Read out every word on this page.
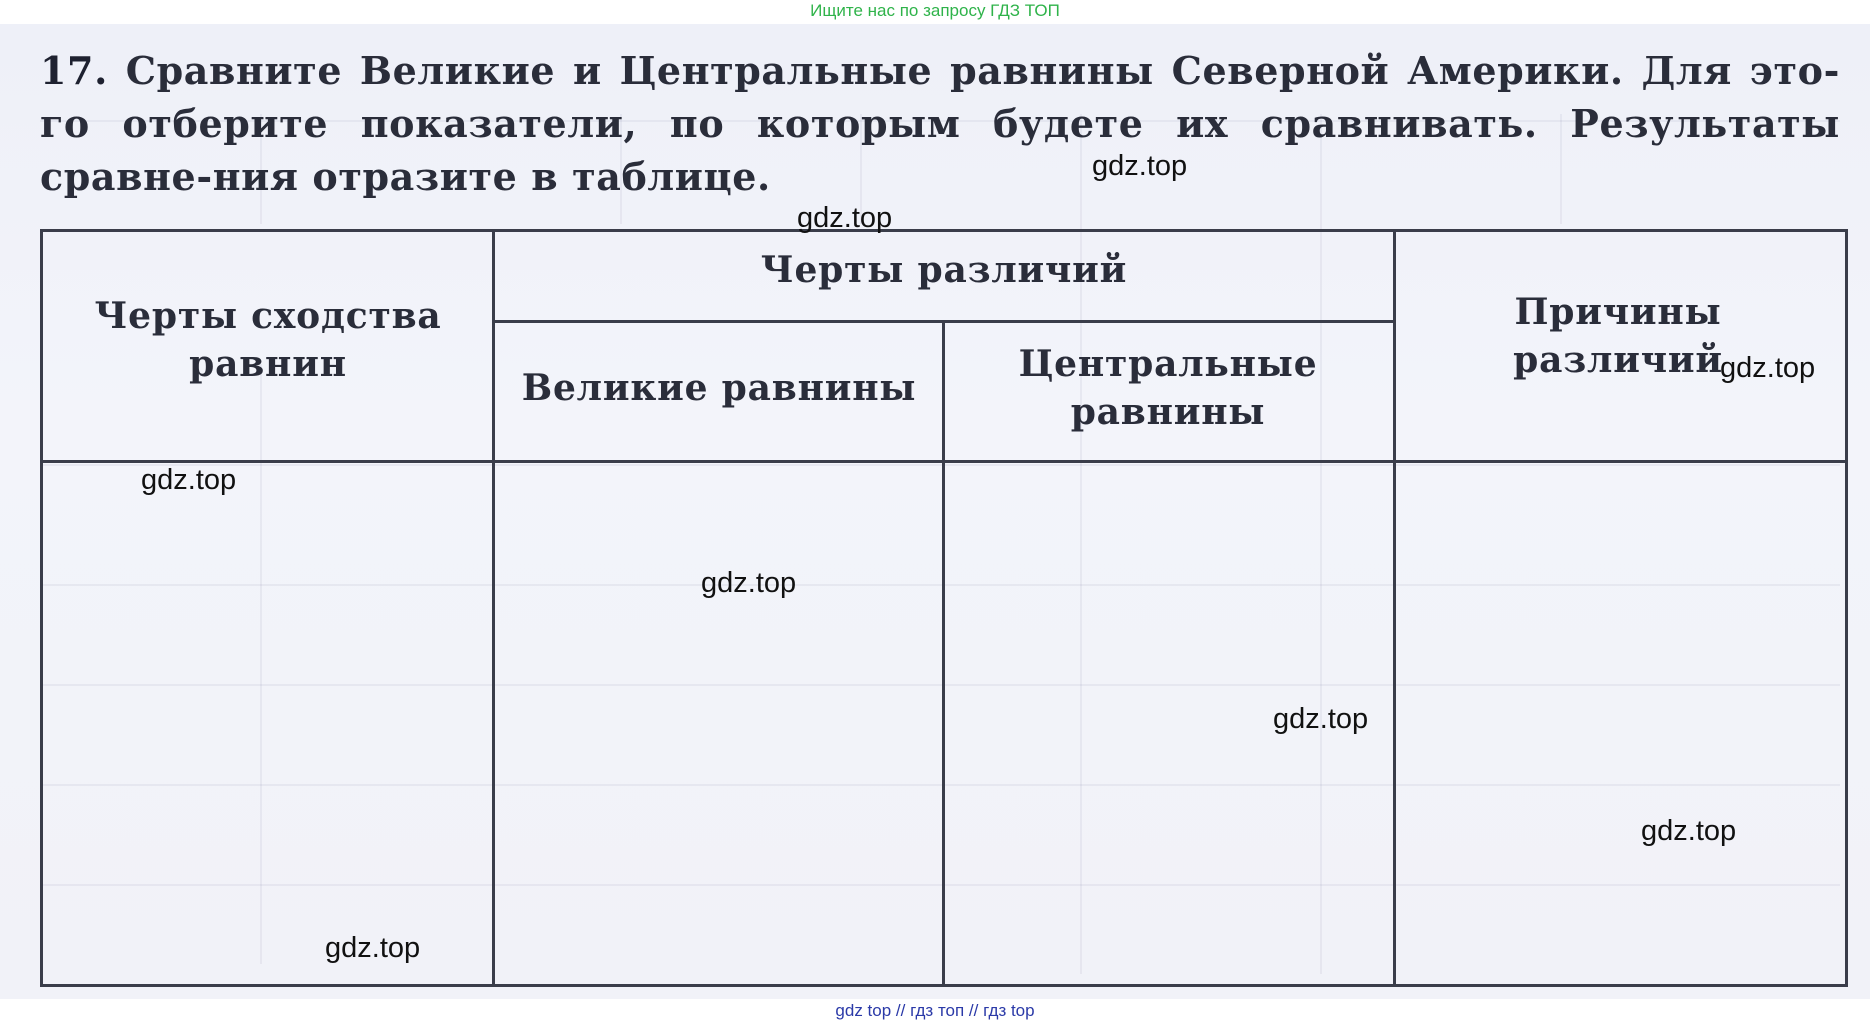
Ищите нас по запросу ГДЗ ТОП
17. Сравните Великие и Центральные равнины Северной Америки. Для это-го отберите показатели, по которым будете их сравнивать. Результаты сравне-ния отразите в таблице.
Черты сходства равнин
Черты различий
Великие равнины
Центральные равнины
Причины различий
gdz.top
gdz.top
gdz.top
gdz.top
gdz.top
gdz.top
gdz.top
gdz.top
gdz top // гдз топ // гдз top
